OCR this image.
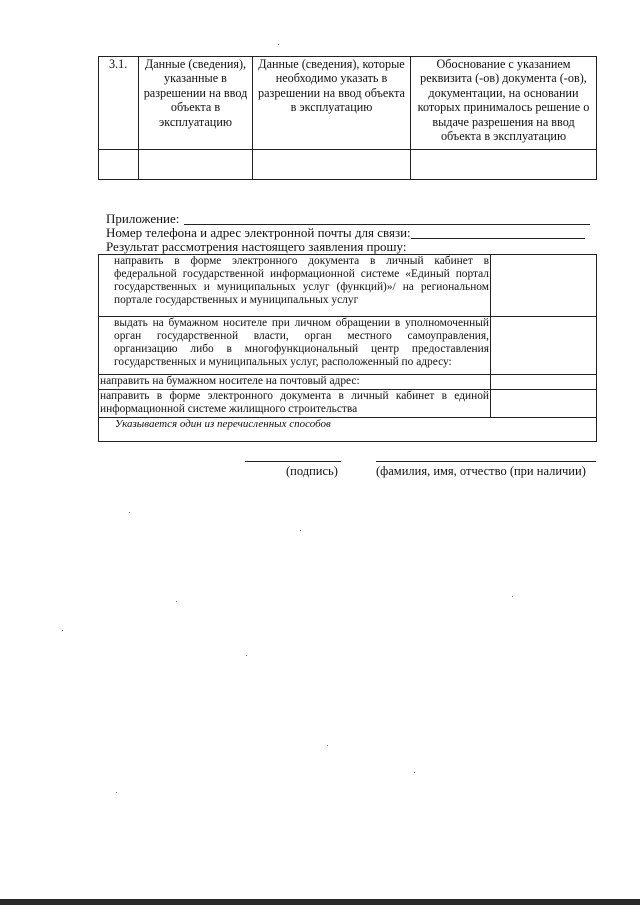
3.1.	Данные (сведения), указанные в разрешении на ввод объекта в эксплуатацию	Данные (сведения), которые необходимо указать в разрешении на ввод объекта в эксплуатацию	Обоснование с указанием реквизита (-ов) документа (-ов), документации, на основании которых принималось решение о выдаче разрешения на ввод объекта в эксплуатацию

Приложение:
Номер телефона и адрес электронной почты для связи:
Результат рассмотрения настоящего заявления прошу:
направить в форме электронного документа в личный кабинет в федеральной государственной информационной системе «Единый портал государственных и муниципальных услуг (функций)»/ на региональном портале государственных и муниципальных услуг	

выдать на бумажном носителе при личном обращении в уполномоченный орган государственной власти, орган местного самоуправления, организацию либо в многофункциональный центр предоставления государственных и муниципальных услуг, расположенный по адресу:	

направить на бумажном носителе на почтовый адрес:	
направить в форме электронного документа в личный кабинет в единой информационной системе жилищного строительства	
Указывается один из перечисленных способов	
(подпись)	(фамилия, имя, отчество (при наличии)
